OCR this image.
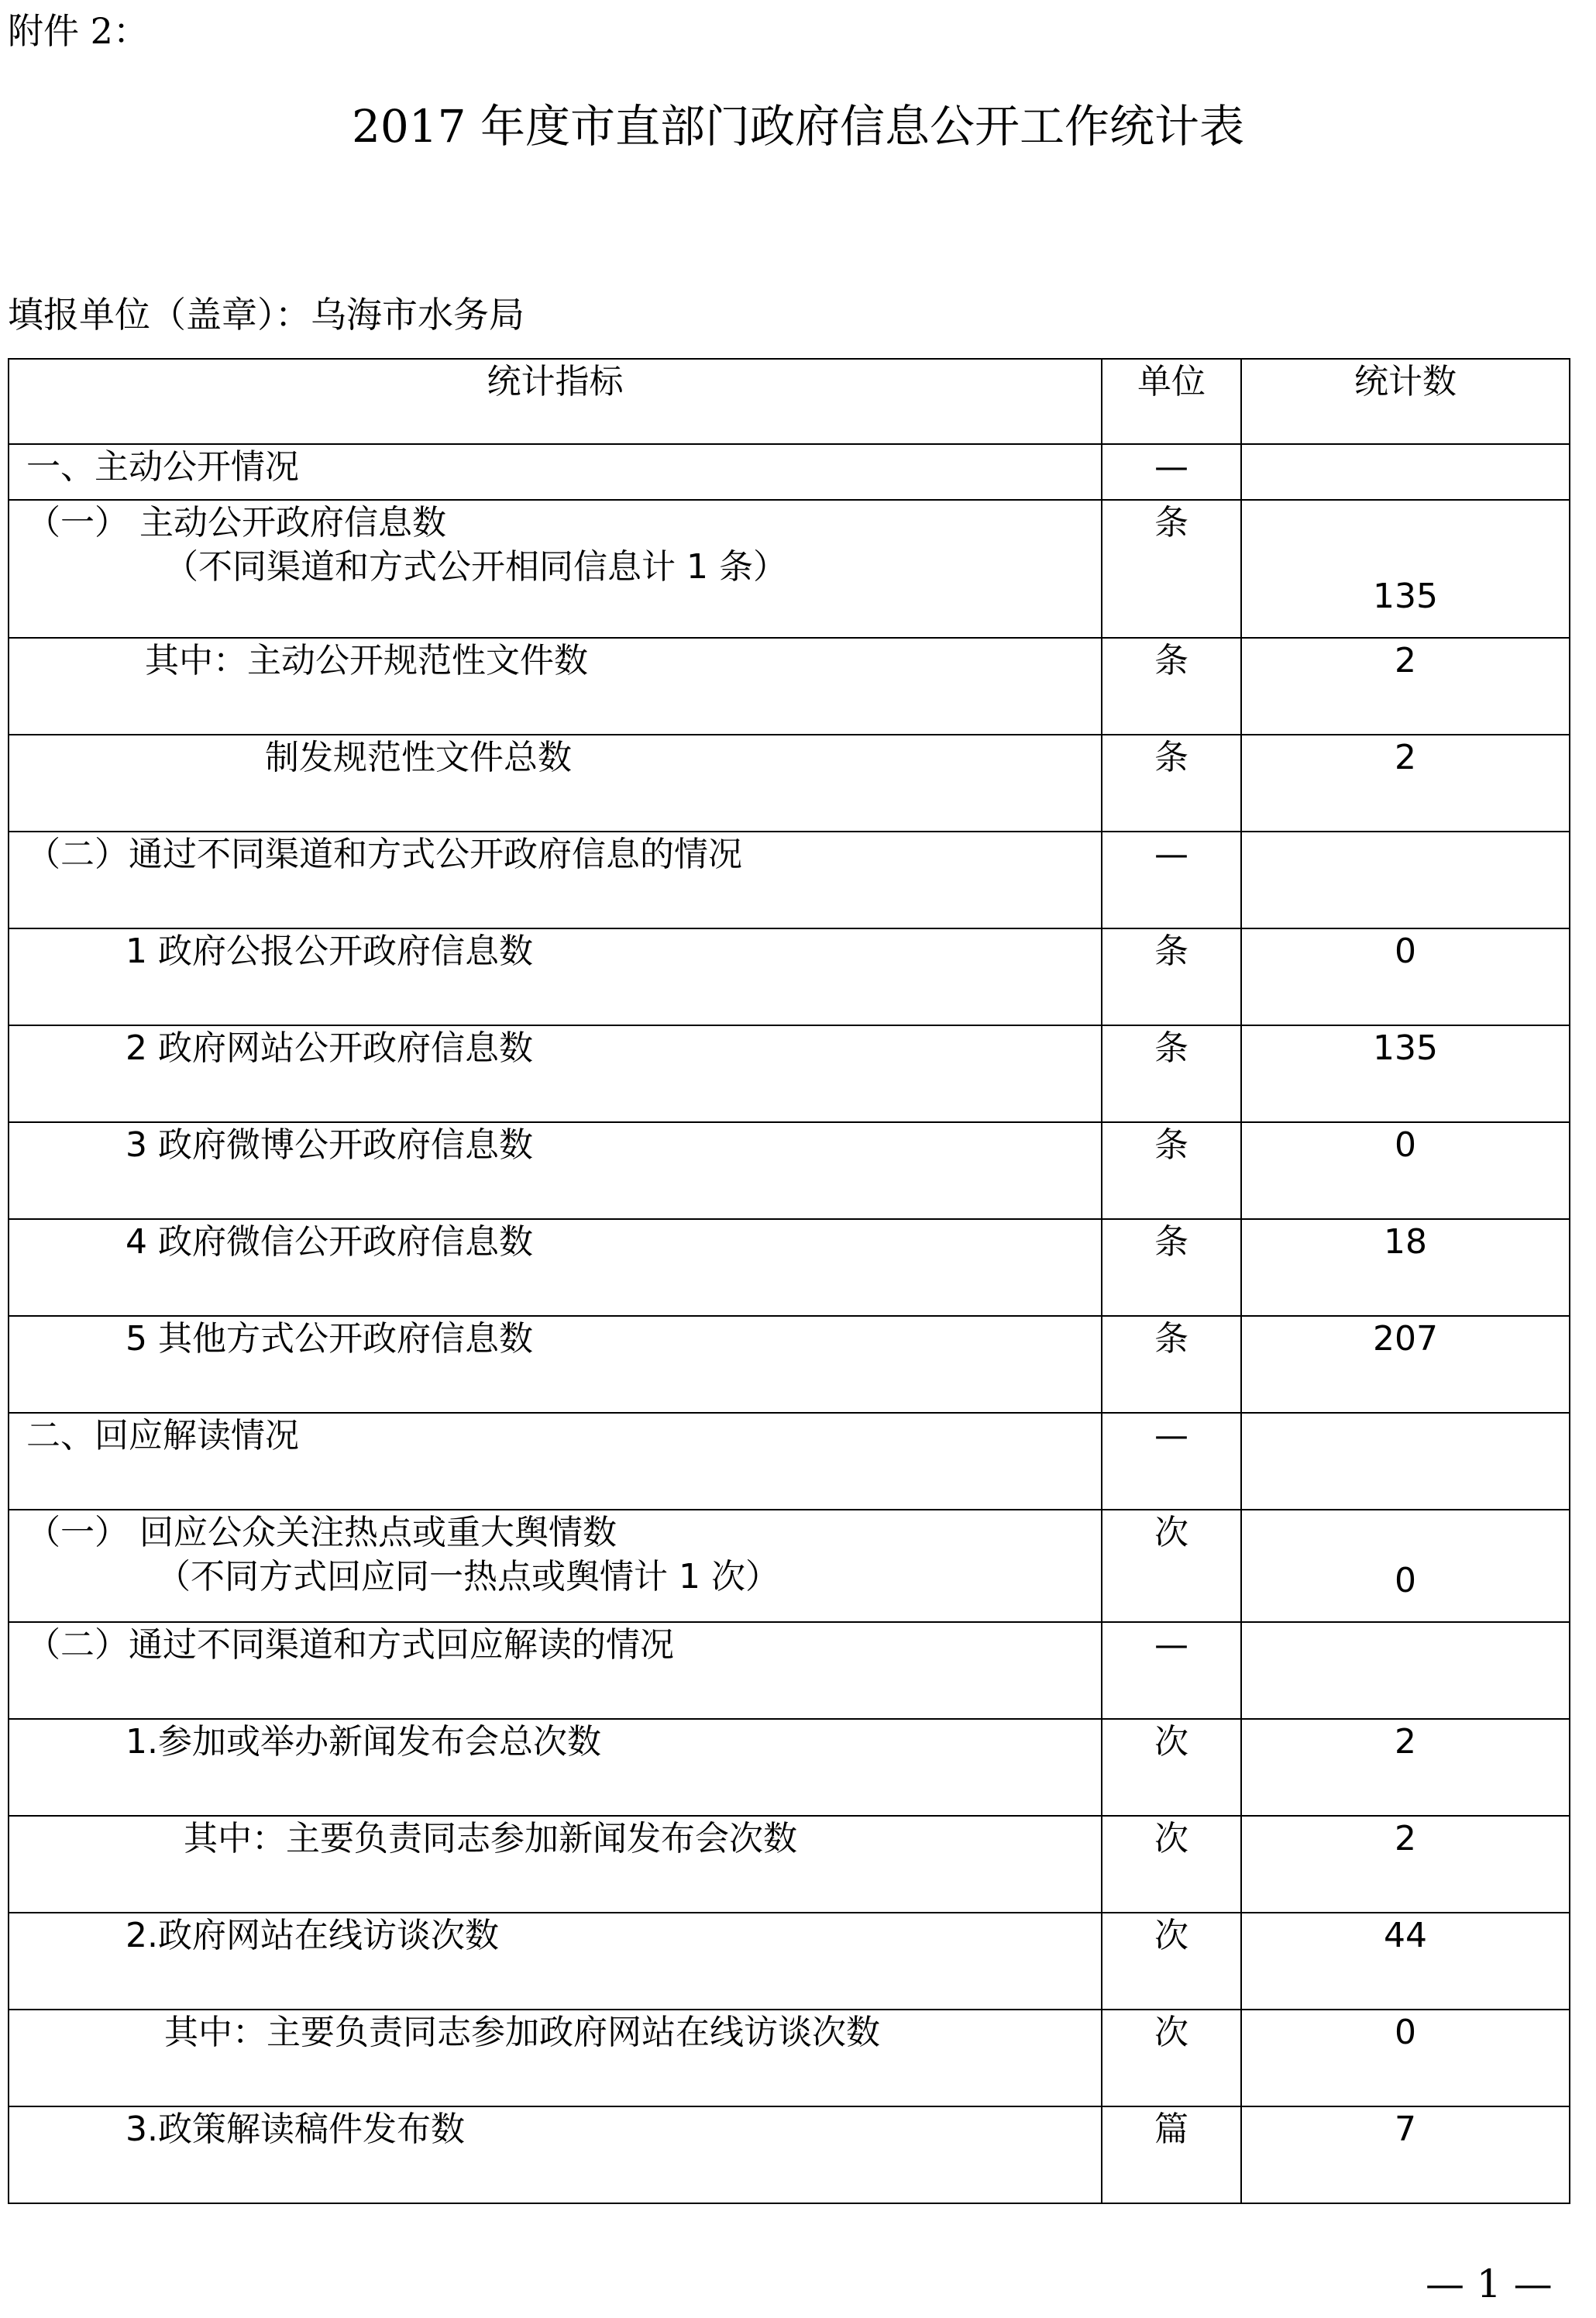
附件 2：
2017 年度市直部门政府信息公开工作统计表
填报单位（盖章）：乌海市水务局
统计指标	单位	统计数

一、主动公开情况	—	

（一） 主动公开政府信息数
（不同渠道和方式公开相同信息计 1 条）	条	135

其中：主动公开规范性文件数	条	2

制发规范性文件总数	条	2

（二）通过不同渠道和方式公开政府信息的情况	—	

1 政府公报公开政府信息数	条	0

2 政府网站公开政府信息数	条	135

3 政府微博公开政府信息数	条	0

4 政府微信公开政府信息数	条	18

5 其他方式公开政府信息数	条	207

二、回应解读情况	—	

（一） 回应公众关注热点或重大舆情数
（不同方式回应同一热点或舆情计 1 次）	次	0

（二）通过不同渠道和方式回应解读的情况	—	

1.参加或举办新闻发布会总次数	次	2

其中：主要负责同志参加新闻发布会次数	次	2

2.政府网站在线访谈次数	次	44

其中：主要负责同志参加政府网站在线访谈次数	次	0

3.政策解读稿件发布数	篇	7
— 1 —
